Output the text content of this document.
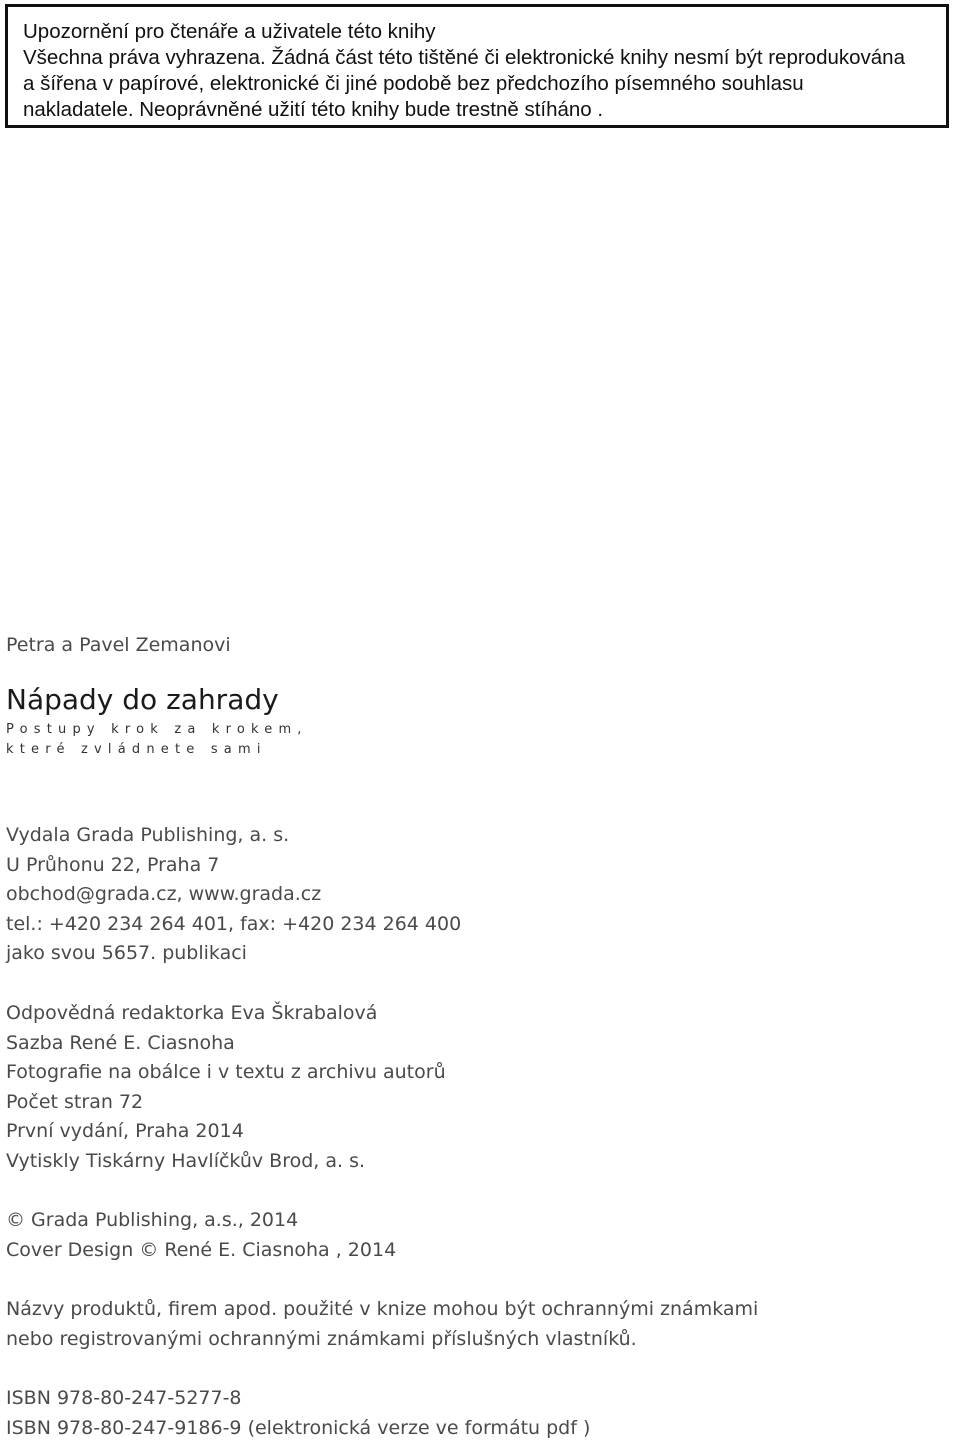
Upozornění pro čtenáře a uživatele této knihy

Všechna práva vyhrazena. Žádná část této tištěné či elektronické knihy nesmí být reprodukována

a šířena v papírové, elektronické či jiné podobě bez předchozího písemného souhlasu

nakladatele. Neoprávněné užití této knihy bude trestně stíháno .

Petra a Pavel Zemanovi

Nápady do zahrady
Postupy krok za krokem,
které zvládnete sami
Vydala Grada Publishing, a. s.
U Průhonu 22, Praha 7
obchod@grada.cz, www.grada.cz
tel.: +420 234 264 401, fax: +420 234 264 400
jako svou 5657. publikaci
Odpovědná redaktorka Eva Škrabalová
Sazba René E. Ciasnoha
Fotografie na obálce i v textu z archivu autorů
Počet stran 72
První vydání, Praha 2014
Vytiskly Tiskárny Havlíčkův Brod, a. s.
© Grada Publishing, a.s., 2014
Cover Design © René E. Ciasnoha , 2014
Názvy produktů, firem apod. použité v knize mohou být ochrannými známkami
nebo registrovanými ochrannými známkami příslušných vlastníků.
ISBN 978-80-247-5277-8
ISBN 978-80-247-9186-9 (elektronická verze ve formátu pdf )
